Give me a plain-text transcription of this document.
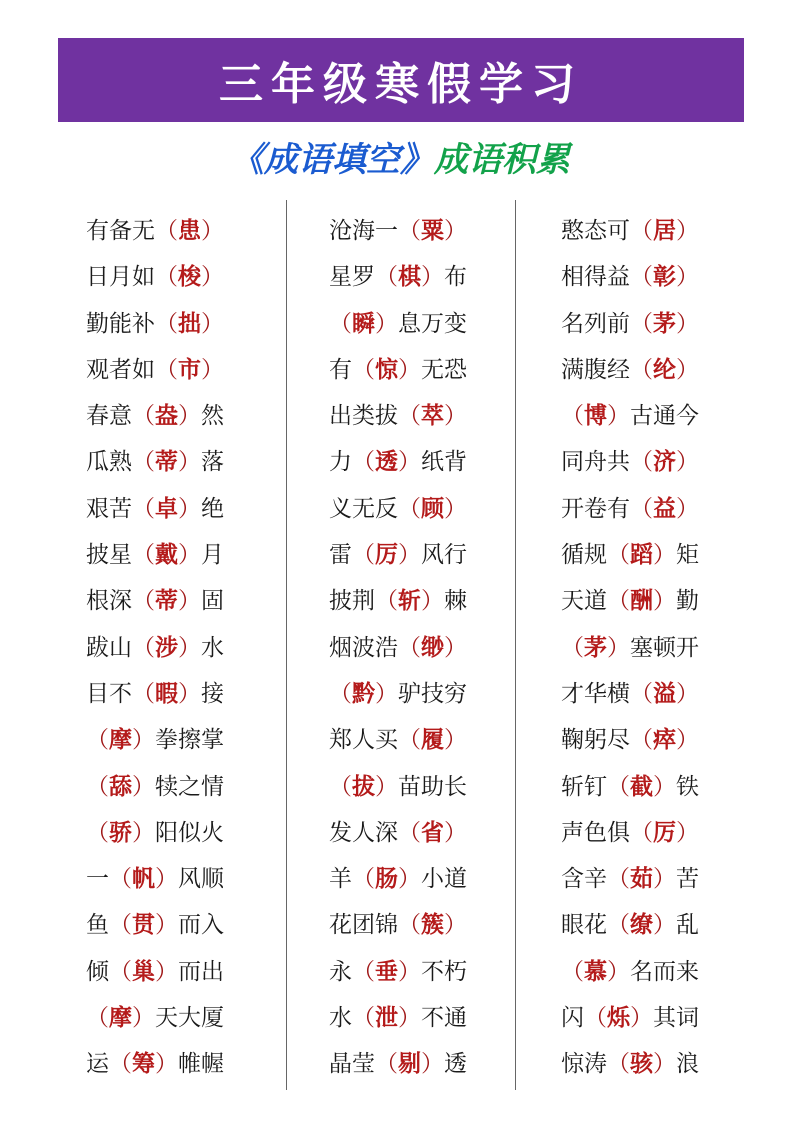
三年级寒假学习
《成语填空》成语积累
有备无（患）
日月如（梭）
勤能补（拙）
观者如（市）
春意（盎）然
瓜熟（蒂）落
艰苦（卓）绝
披星（戴）月
根深（蒂）固
跋山（涉）水
目不（暇）接
（摩）拳擦掌
（舔）犊之情
（骄）阳似火
一（帆）风顺
鱼（贯）而入
倾（巢）而出
（摩）天大厦
运（筹）帷幄
沧海一（粟）
星罗（棋）布
（瞬）息万变
有（惊）无恐
出类拔（萃）
力（透）纸背
义无反（顾）
雷（厉）风行
披荆（斩）棘
烟波浩（缈）
（黔）驴技穷
郑人买（履）
（拔）苗助长
发人深（省）
羊（肠）小道
花团锦（簇）
永（垂）不朽
水（泄）不通
晶莹（剔）透
憨态可（居）
相得益（彰）
名列前（茅）
满腹经（纶）
（博）古通今
同舟共（济）
开卷有（益）
循规（蹈）矩
天道（酬）勤
（茅）塞顿开
才华横（溢）
鞠躬尽（瘁）
斩钉（截）铁
声色俱（厉）
含辛（茹）苦
眼花（缭）乱
（慕）名而来
闪（烁）其词
惊涛（骇）浪
